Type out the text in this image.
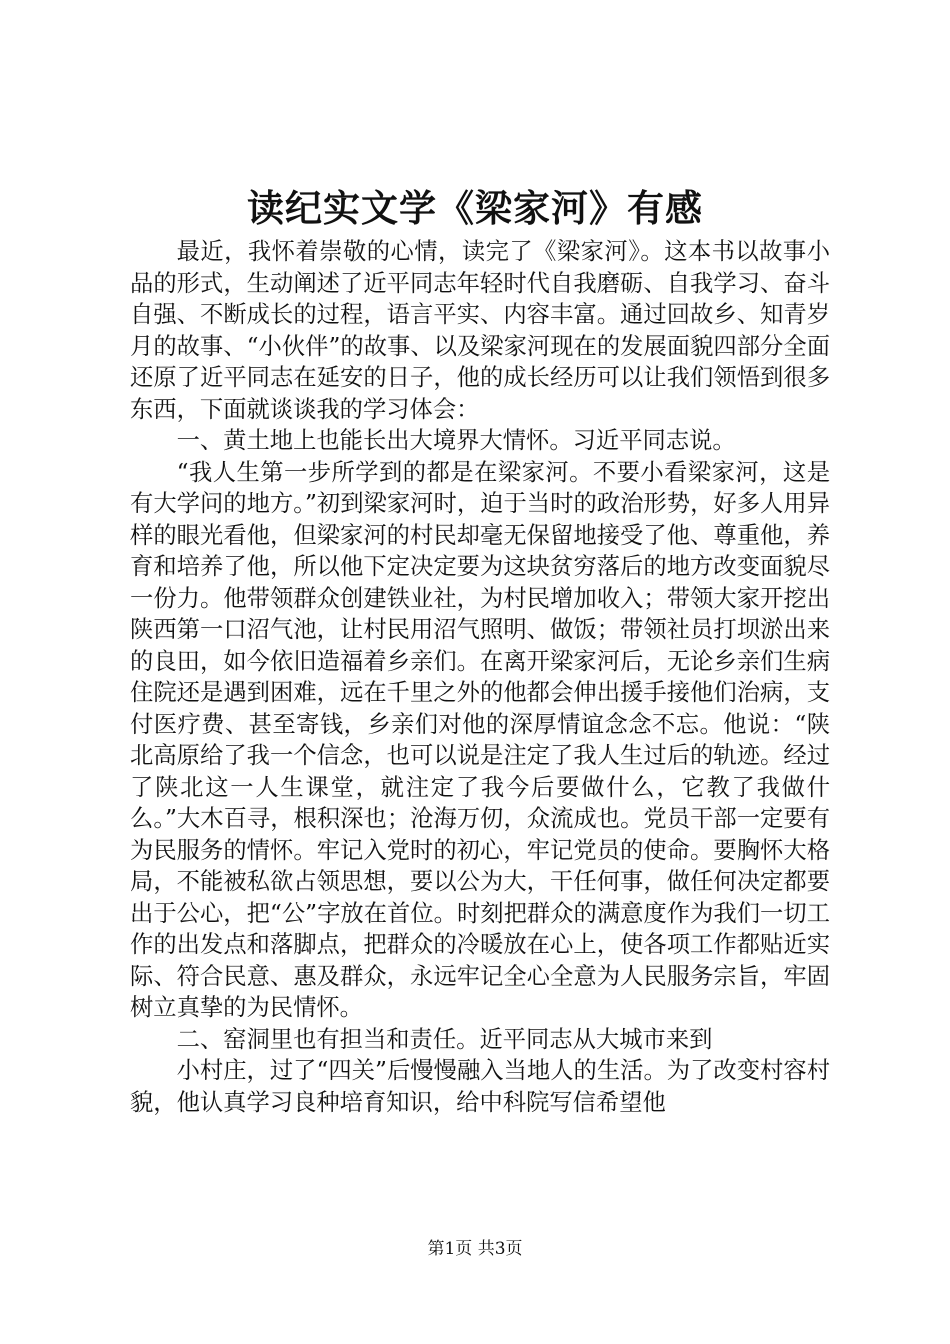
读纪实文学《梁家河》有感

最近，我怀着崇敬的心情，读完了《梁家河》。这本书以故事小品的形式，生动阐述了近平同志年轻时代自我磨砺、自我学习、奋斗自强、不断成长的过程，语言平实、内容丰富。通过回故乡、知青岁月的故事、“小伙伴”的故事、以及梁家河现在的发展面貌四部分全面还原了近平同志在延安的日子，他的成长经历可以让我们领悟到很多东西，下面就谈谈我的学习体会：

一、黄土地上也能长出大境界大情怀。习近平同志说。

“我人生第一步所学到的都是在梁家河。不要小看梁家河，这是有大学问的地方。”初到梁家河时，迫于当时的政治形势，好多人用异样的眼光看他，但梁家河的村民却毫无保留地接受了他、尊重他，养育和培养了他，所以他下定决定要为这块贫穷落后的地方改变面貌尽一份力。他带领群众创建铁业社，为村民增加收入；带领大家开挖出陕西第一口沼气池，让村民用沼气照明、做饭；带领社员打坝淤出来的良田，如今依旧造福着乡亲们。在离开梁家河后，无论乡亲们生病住院还是遇到困难，远在千里之外的他都会伸出援手接他们治病，支付医疗费、甚至寄钱，乡亲们对他的深厚情谊念念不忘。他说：“陕北高原给了我一个信念，也可以说是注定了我人生过后的轨迹。经过了陕北这一人生课堂，就注定了我今后要做什么，它教了我做什么。”大木百寻，根积深也；沧海万仞，众流成也。党员干部一定要有为民服务的情怀。牢记入党时的初心，牢记党员的使命。要胸怀大格局，不能被私欲占领思想，要以公为大，干任何事，做任何决定都要出于公心，把“公”字放在首位。时刻把群众的满意度作为我们一切工作的出发点和落脚点，把群众的冷暖放在心上，使各项工作都贴近实际、符合民意、惠及群众，永远牢记全心全意为人民服务宗旨，牢固树立真挚的为民情怀。

二、窑洞里也有担当和责任。近平同志从大城市来到

小村庄，过了“四关”后慢慢融入当地人的生活。为了改变村容村貌，他认真学习良种培育知识，给中科院写信希望他

第1页 共3页
